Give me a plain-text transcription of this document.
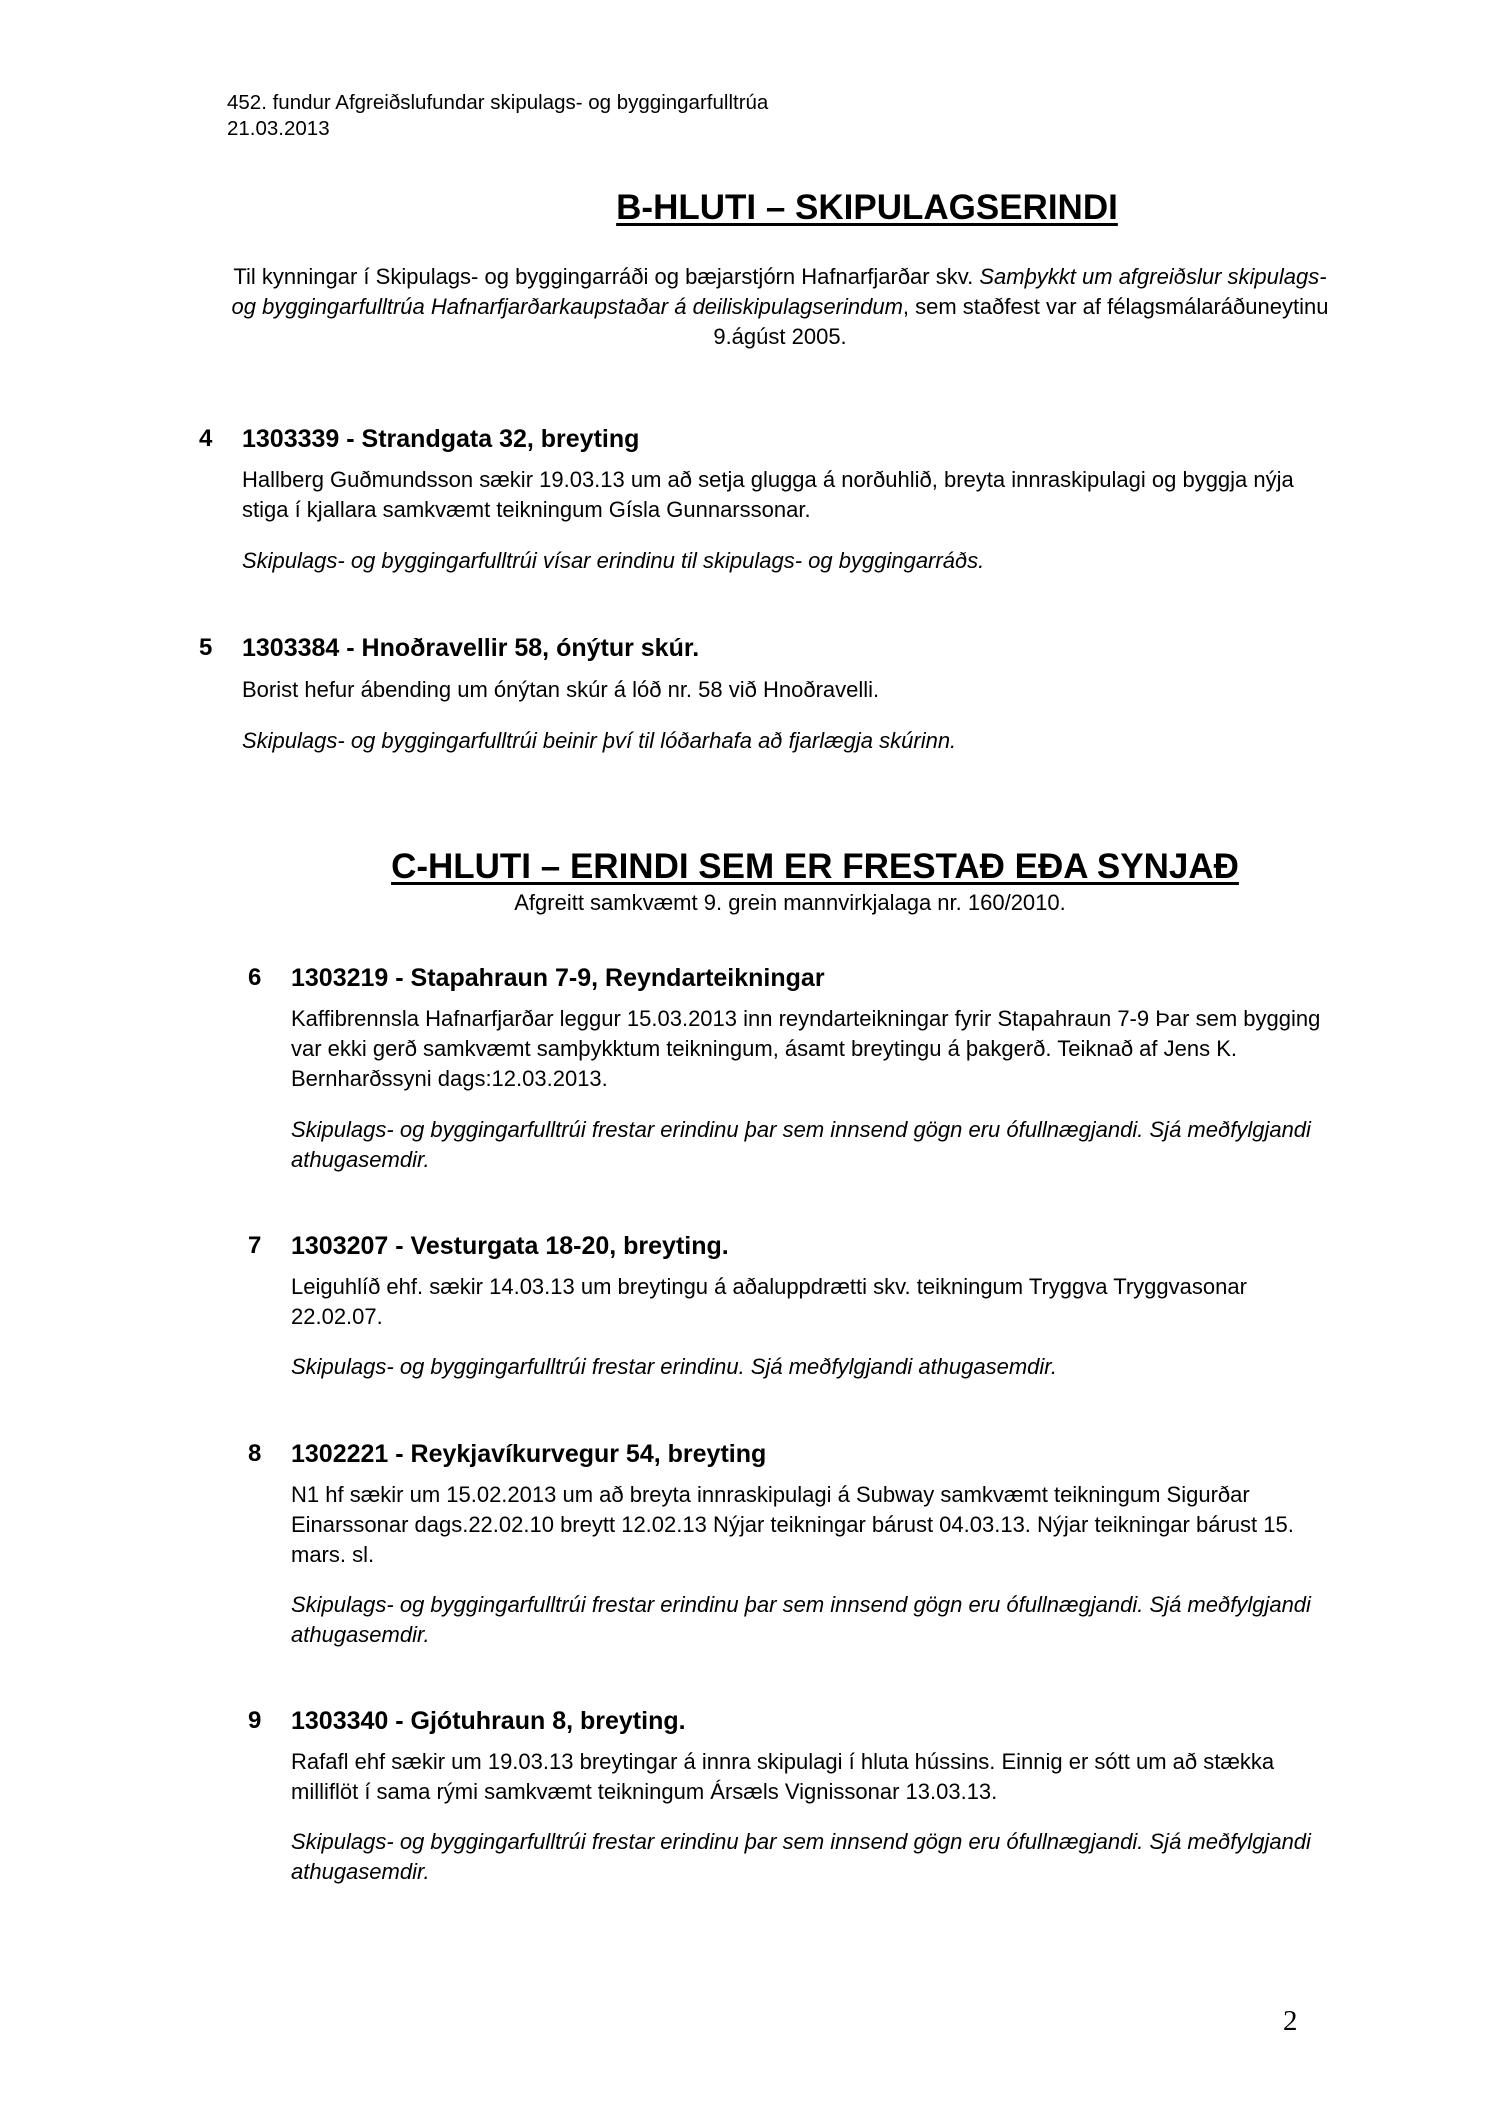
452. fundur Afgreiðslufundar skipulags- og byggingarfulltrúa
21.03.2013
B-HLUTI – SKIPULAGSERINDI
Til kynningar í Skipulags- og byggingarráði og bæjarstjórn Hafnarfjarðar skv. Samþykkt um afgreiðslur skipulags- og byggingarfulltrúa Hafnarfjarðarkaupstaðar á deiliskipulagserindum, sem staðfest var af félagsmálaráðuneytinu 9.ágúst 2005.
4 1303339 - Strandgata 32, breyting
Hallberg Guðmundsson sækir 19.03.13 um að setja glugga á norðuhlið, breyta innraskipulagi og byggja nýja stiga í kjallara samkvæmt teikningum Gísla Gunnarssonar.
Skipulags- og byggingarfulltrúi vísar erindinu til skipulags- og byggingarráðs.
5 1303384 - Hnoðravellir 58, ónýtur skúr.
Borist hefur ábending um ónýtan skúr á lóð nr. 58 við Hnoðravelli.
Skipulags- og byggingarfulltrúi beinir því til lóðarhafa að fjarlægja skúrinn.
C-HLUTI – ERINDI SEM ER FRESTAÐ EÐA SYNJAÐ
Afgreitt samkvæmt 9. grein mannvirkjalaga nr. 160/2010.
6 1303219 - Stapahraun 7-9, Reyndarteikningar
Kaffibrennsla Hafnarfjarðar leggur 15.03.2013 inn reyndarteikningar fyrir Stapahraun 7-9 Þar sem bygging var ekki gerð samkvæmt samþykktum teikningum, ásamt breytingu á þakgerð. Teiknað af Jens K. Bernharðssyni dags:12.03.2013.
Skipulags- og byggingarfulltrúi frestar erindinu þar sem innsend gögn eru ófullnægjandi. Sjá meðfylgjandi athugasemdir.
7 1303207 - Vesturgata 18-20, breyting.
Leiguhlíð ehf. sækir 14.03.13 um breytingu á aðaluppdrætti skv. teikningum Tryggva Tryggvasonar 22.02.07.
Skipulags- og byggingarfulltrúi frestar erindinu. Sjá meðfylgjandi athugasemdir.
8 1302221 - Reykjavíkurvegur 54, breyting
N1 hf sækir um 15.02.2013 um að breyta innraskipulagi á Subway samkvæmt teikningum Sigurðar Einarssonar dags.22.02.10 breytt 12.02.13 Nýjar teikningar bárust 04.03.13. Nýjar teikningar bárust 15. mars. sl.
Skipulags- og byggingarfulltrúi frestar erindinu þar sem innsend gögn eru ófullnægjandi. Sjá meðfylgjandi athugasemdir.
9 1303340 - Gjótuhraun 8, breyting.
Rafafl ehf sækir um 19.03.13 breytingar á innra skipulagi í hluta hússins. Einnig er sótt um að stækka milliflöt í sama rými samkvæmt teikningum Ársæls Vignissonar 13.03.13.
Skipulags- og byggingarfulltrúi frestar erindinu þar sem innsend gögn eru ófullnægjandi. Sjá meðfylgjandi athugasemdir.
2
